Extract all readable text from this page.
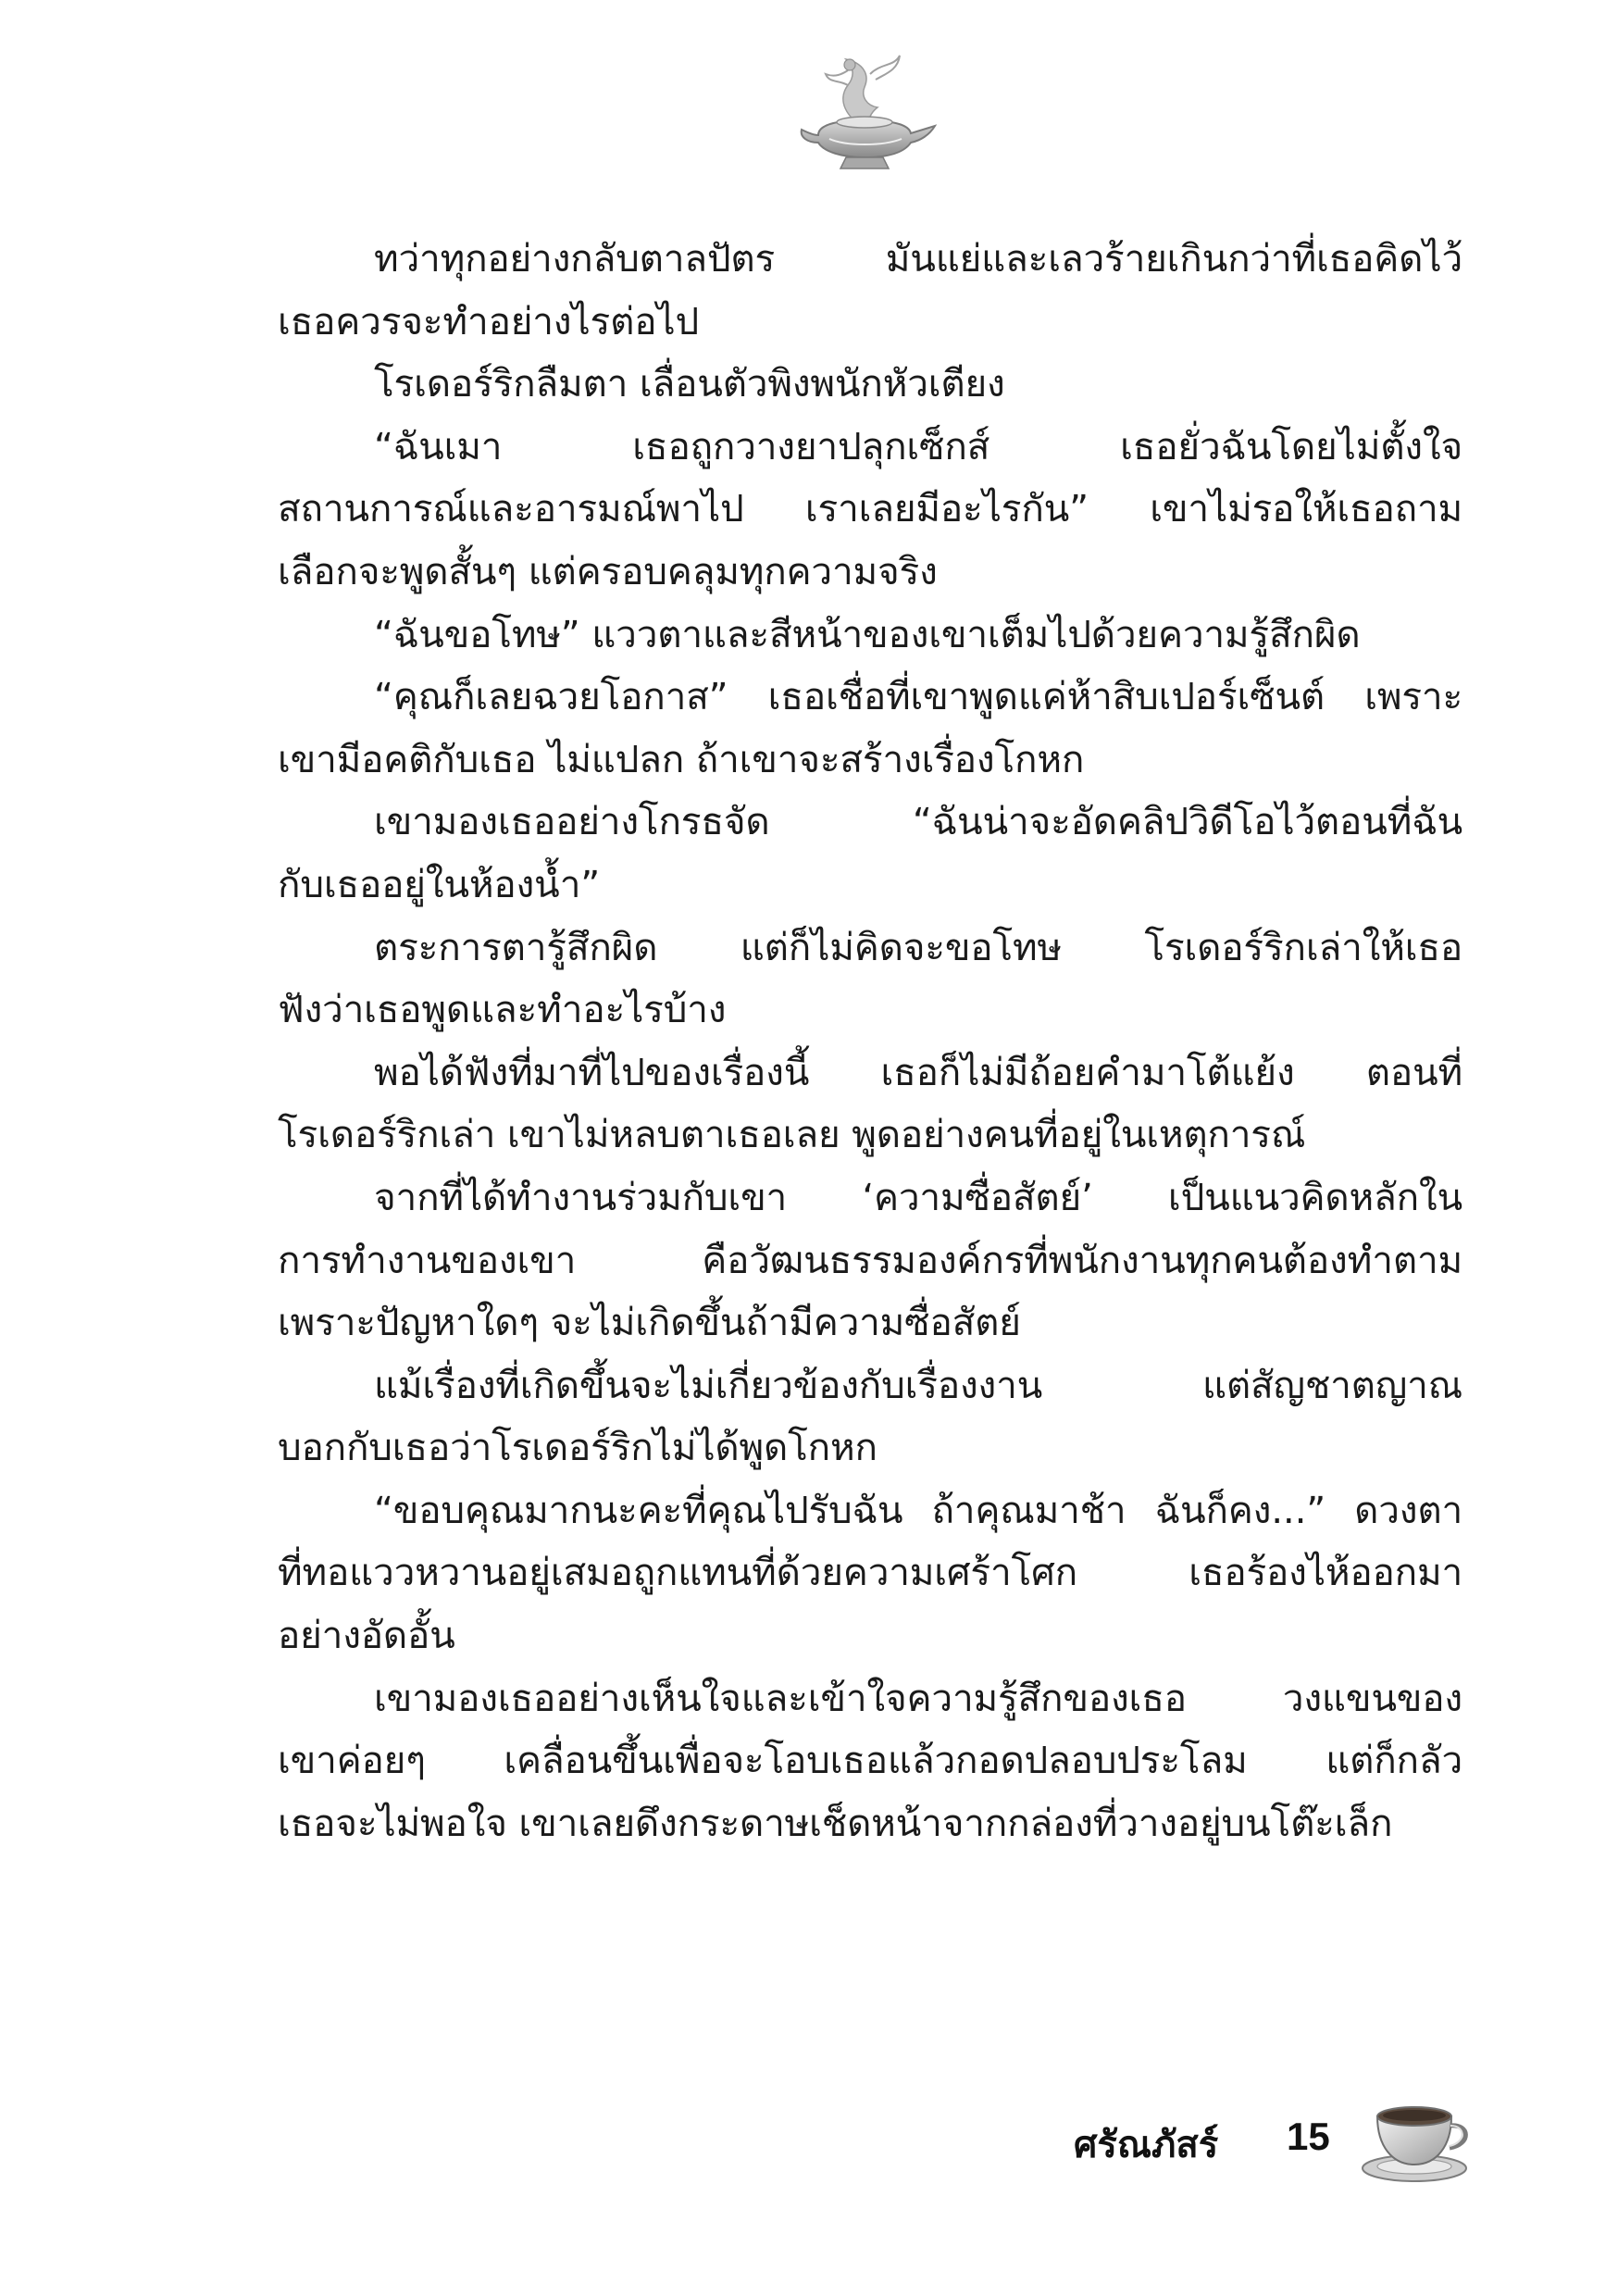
ทว่าทุกอย่างกลับตาลปัตร มันแย่และเลวร้ายเกินกว่าที่เธอคิดไว้
เธอควรจะทำอย่างไรต่อไป
โรเดอร์ริกลืมตา เลื่อนตัวพิงพนักหัวเตียง
“ฉันเมา เธอถูกวางยาปลุกเซ็กส์ เธอยั่วฉันโดยไม่ตั้งใจ
สถานการณ์และอารมณ์พาไป เราเลยมีอะไรกัน” เขาไม่รอให้เธอถาม
เลือกจะพูดสั้นๆ แต่ครอบคลุมทุกความจริง
“ฉันขอโทษ” แววตาและสีหน้าของเขาเต็มไปด้วยความรู้สึกผิด
“คุณก็เลยฉวยโอกาส” เธอเชื่อที่เขาพูดแค่ห้าสิบเปอร์เซ็นต์ เพราะ
เขามีอคติกับเธอ ไม่แปลก ถ้าเขาจะสร้างเรื่องโกหก
เขามองเธออย่างโกรธจัด “ฉันน่าจะอัดคลิปวิดีโอไว้ตอนที่ฉัน
กับเธออยู่ในห้องน้ำ”
ตระการตารู้สึกผิด แต่ก็ไม่คิดจะขอโทษ โรเดอร์ริกเล่าให้เธอ
ฟังว่าเธอพูดและทำอะไรบ้าง
พอได้ฟังที่มาที่ไปของเรื่องนี้ เธอก็ไม่มีถ้อยคำมาโต้แย้ง ตอนที่
โรเดอร์ริกเล่า เขาไม่หลบตาเธอเลย พูดอย่างคนที่อยู่ในเหตุการณ์
จากที่ได้ทำงานร่วมกับเขา ‘ความซื่อสัตย์’ เป็นแนวคิดหลักใน
การทำงานของเขา คือวัฒนธรรมองค์กรที่พนักงานทุกคนต้องทำตาม
เพราะปัญหาใดๆ จะไม่เกิดขึ้นถ้ามีความซื่อสัตย์
แม้เรื่องที่เกิดขึ้นจะไม่เกี่ยวข้องกับเรื่องงาน แต่สัญชาตญาณ
บอกกับเธอว่าโรเดอร์ริกไม่ได้พูดโกหก
“ขอบคุณมากนะคะที่คุณไปรับฉัน ถ้าคุณมาช้า ฉันก็คง...” ดวงตา
ที่ทอแววหวานอยู่เสมอถูกแทนที่ด้วยความเศร้าโศก เธอร้องไห้ออกมา
อย่างอัดอั้น
เขามองเธออย่างเห็นใจและเข้าใจความรู้สึกของเธอ วงแขนของ
เขาค่อยๆ เคลื่อนขึ้นเพื่อจะโอบเธอแล้วกอดปลอบประโลม แต่ก็กลัว
เธอจะไม่พอใจ เขาเลยดึงกระดาษเช็ดหน้าจากกล่องที่วางอยู่บนโต๊ะเล็ก
ศรัณภัสร์ 15
